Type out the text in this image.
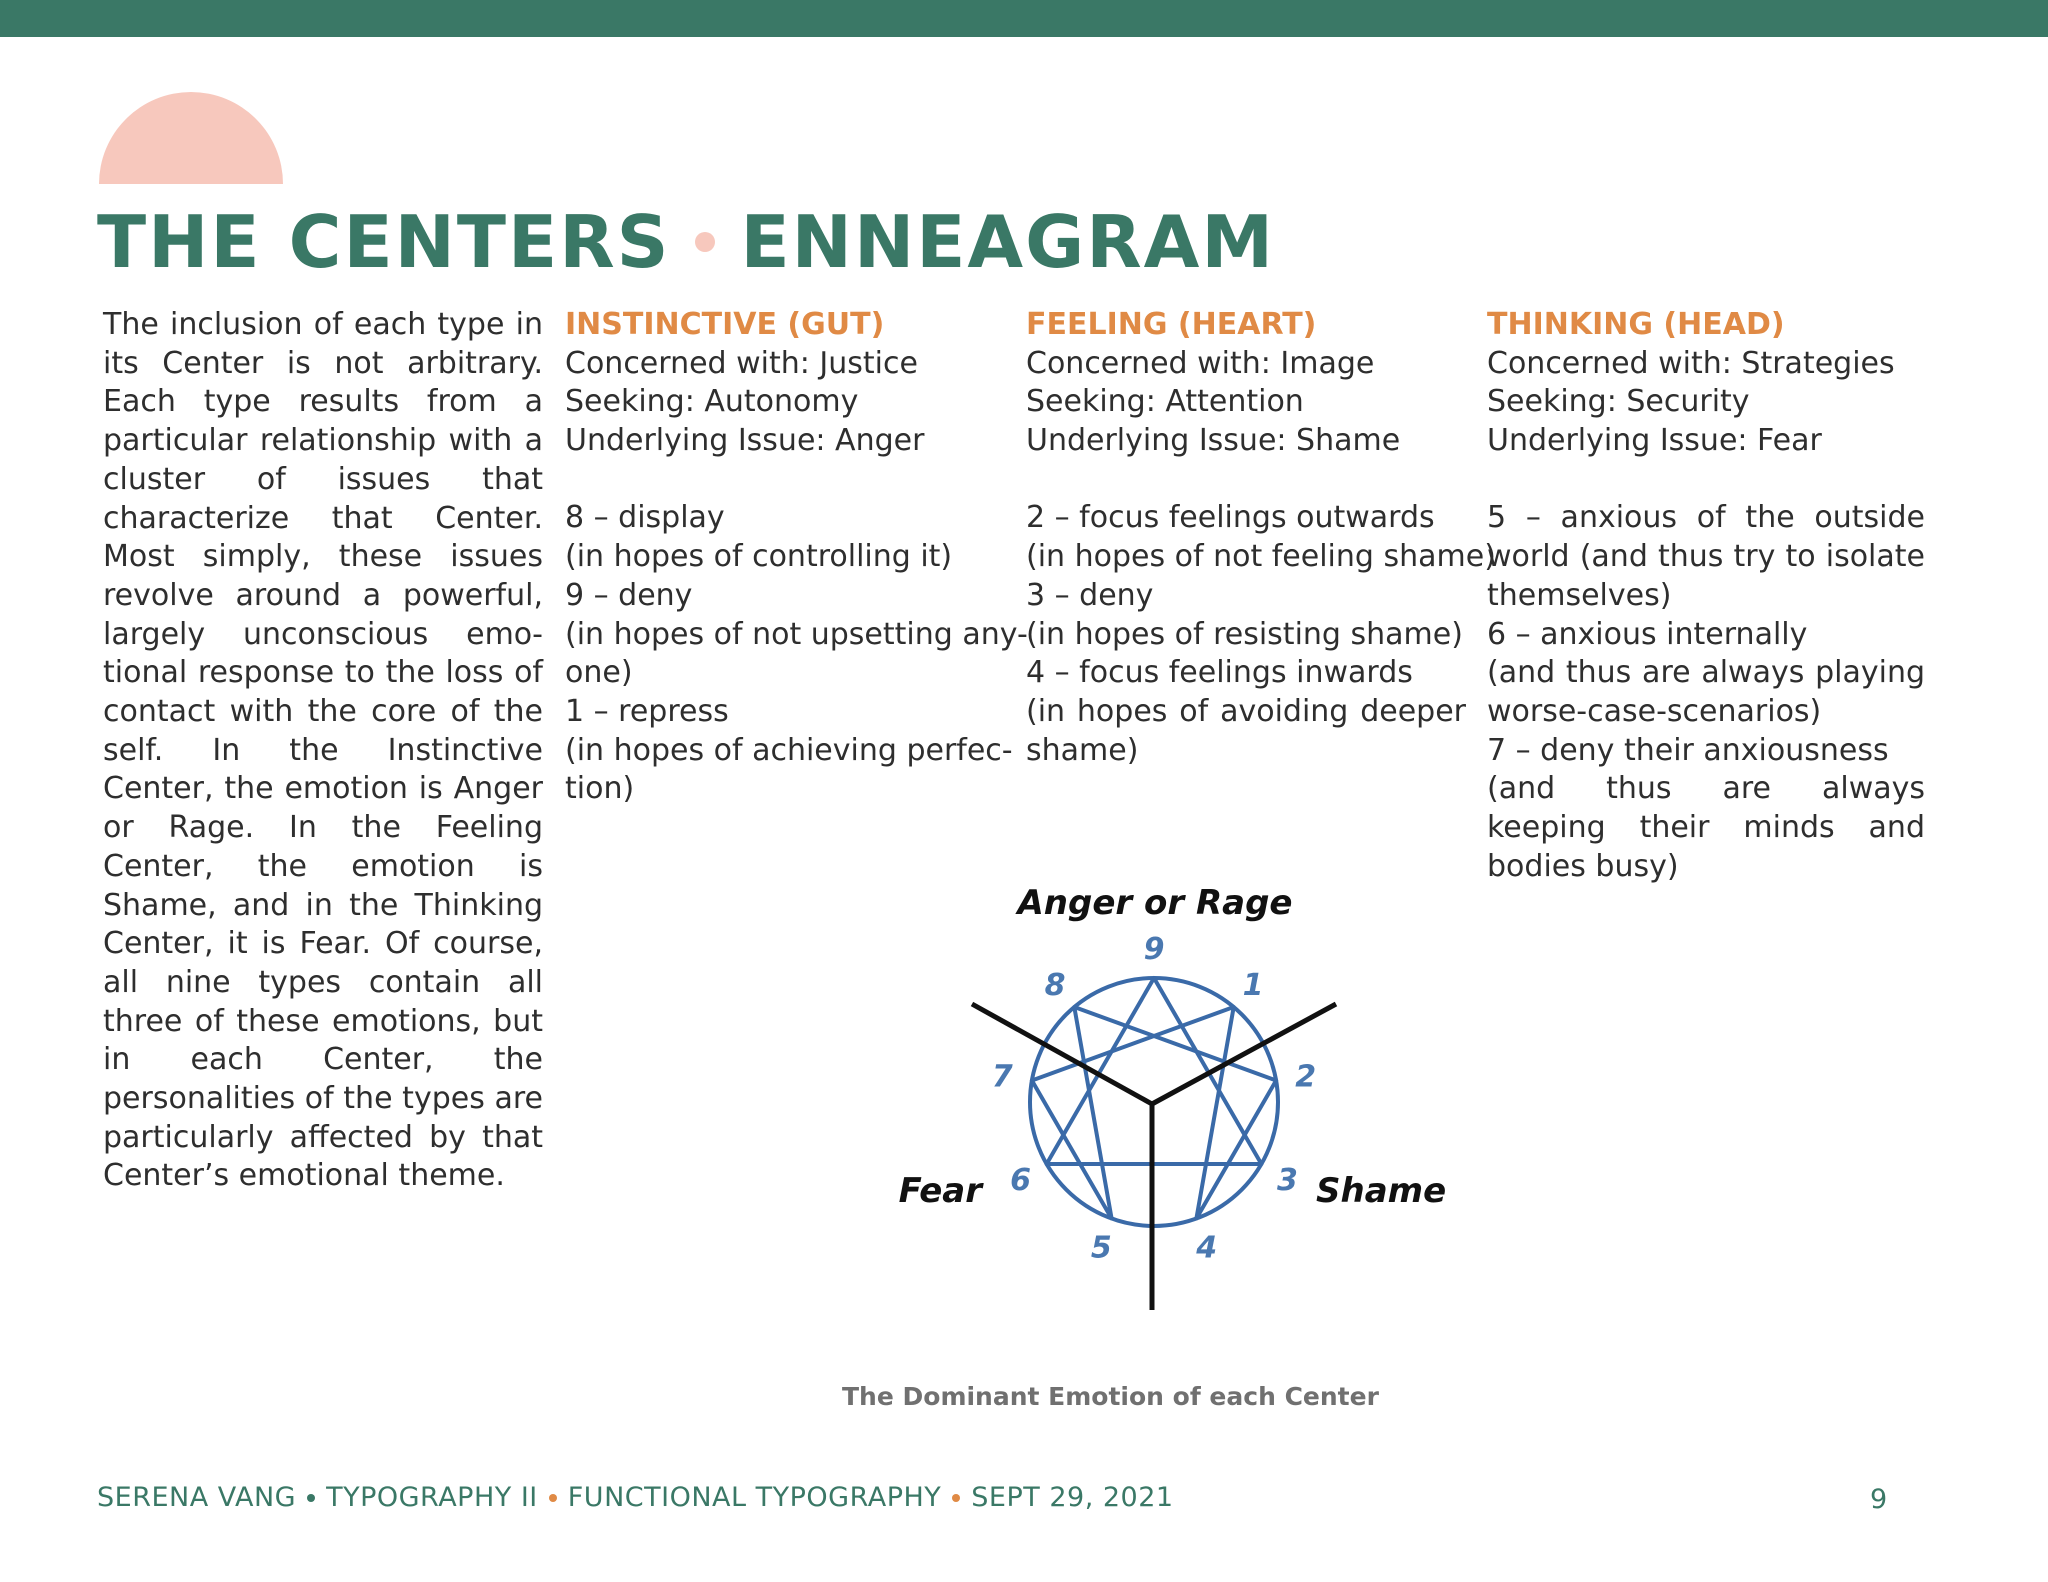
THE CENTERS ENNEAGRAM

The inclusion of each type in its Center is not arbitrary. Each type results from a particular relationship with a cluster of issues that characterize that Center. Most simply, these issues revolve around a powerful, largely unconscious emotional response to the loss of contact with the core of the self. In the Instinctive Center, the emotion is Anger or Rage. In the Feeling Center, the emotion is Shame, and in the Thinking Center, it is Fear. Of course, all nine types contain all three of these emotions, but in each Center, the personalities of the types are particularly affected by that Center’s emotional theme.

INSTINCTIVE (GUT)
Concerned with: Justice
Seeking: Autonomy
Underlying Issue: Anger
8 – display
(in hopes of controlling it)
9 – deny
(in hopes of not upsetting any-
one)
1 – repress
(in hopes of achieving perfec-
tion)
FEELING (HEART)
Concerned with: Image
Seeking: Attention
Underlying Issue: Shame
2 – focus feelings outwards
(in hopes of not feeling shame)
3 – deny
(in hopes of resisting shame)
4 – focus feelings inwards
(in hopes of avoiding deeper
shame)
THINKING (HEAD)
Concerned with: Strategies
Seeking: Security
Underlying Issue: Fear
5 – anxious of the outside world (and thus try to isolate themselves)
6 – anxious internally
(and thus are always playing worse-case-scenarios)
7 – deny their anxiousness
(and thus are always keeping their minds and bodies busy)
9
1
2
3
4
5
6
7
8
Anger or Rage
Fear	Shame
The Dominant Emotion of each Center
SERENA VANG TYPOGRAPHY II FUNCTIONAL TYPOGRAPHY SEPT 29, 2021	9
